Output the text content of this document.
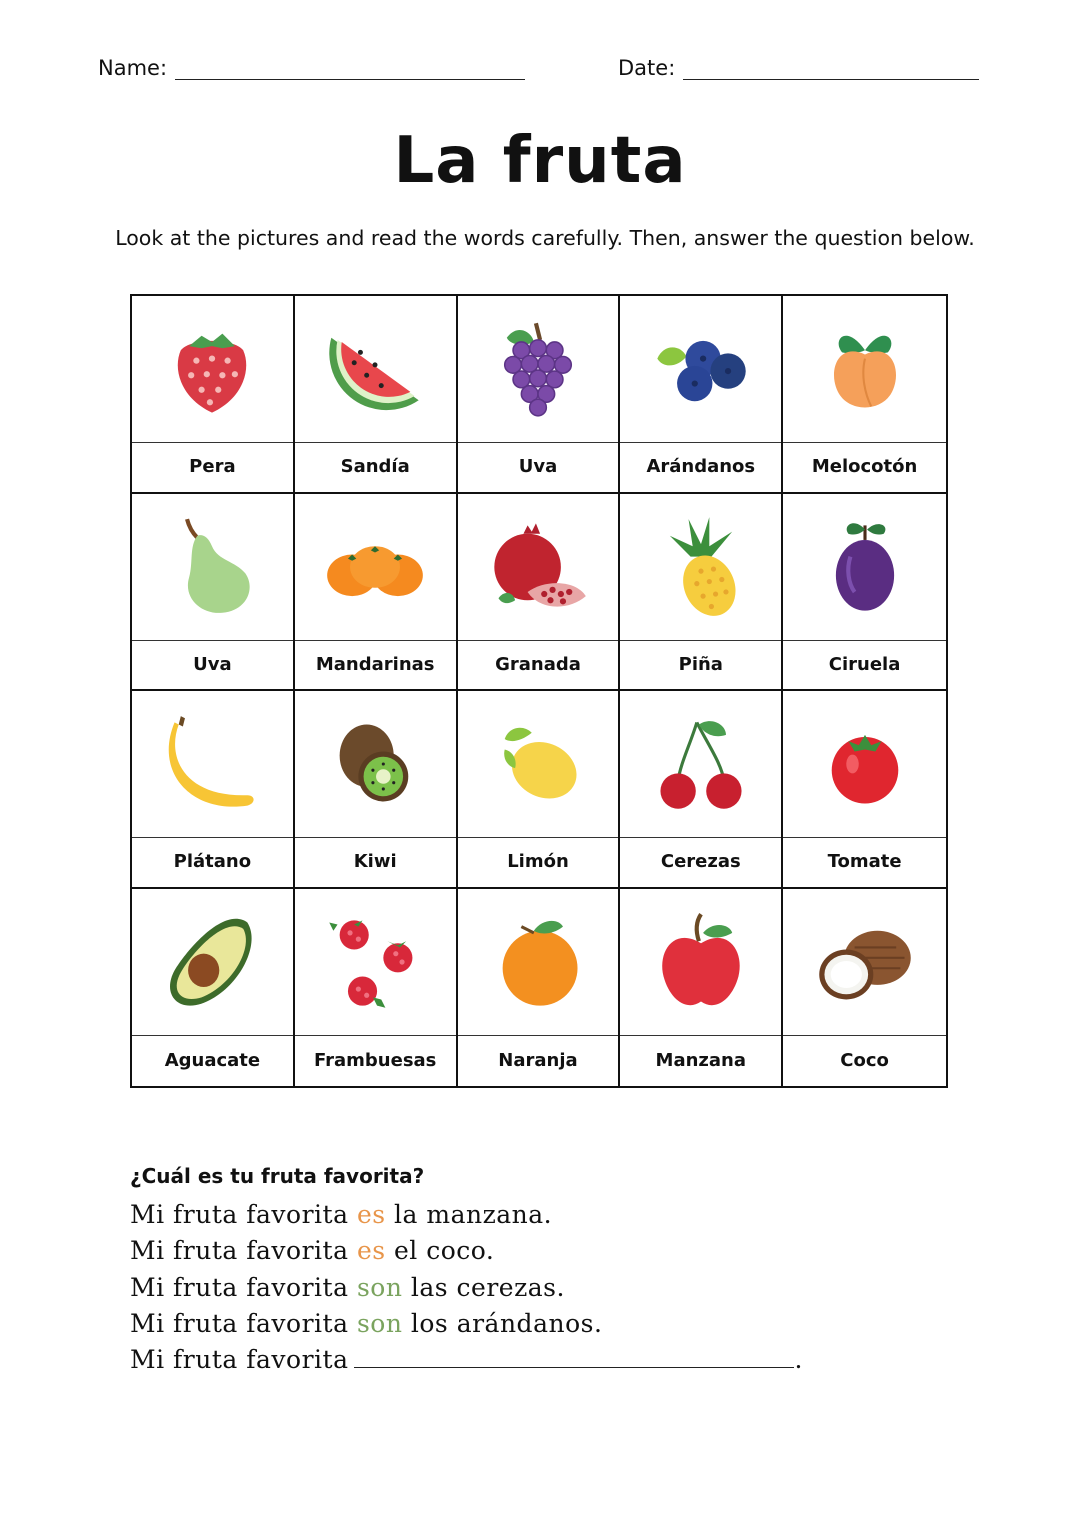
Name:	Date:
La fruta
Look at the pictures and read the words carefully. Then, answer the question below.
Pera	Sandía	Uva	Arándanos	Melocotón
Uva	Mandarinas	Granada	Piña	Ciruela
Plátano	Kiwi	Limón	Cerezas	Tomate
Aguacate	Frambuesas	Naranja	Manzana	Coco
¿Cuál es tu fruta favorita?
Mi fruta favorita es la manzana.
Mi fruta favorita es el coco.
Mi fruta favorita son las cerezas.
Mi fruta favorita son los arándanos.
Mi fruta favorita	.
